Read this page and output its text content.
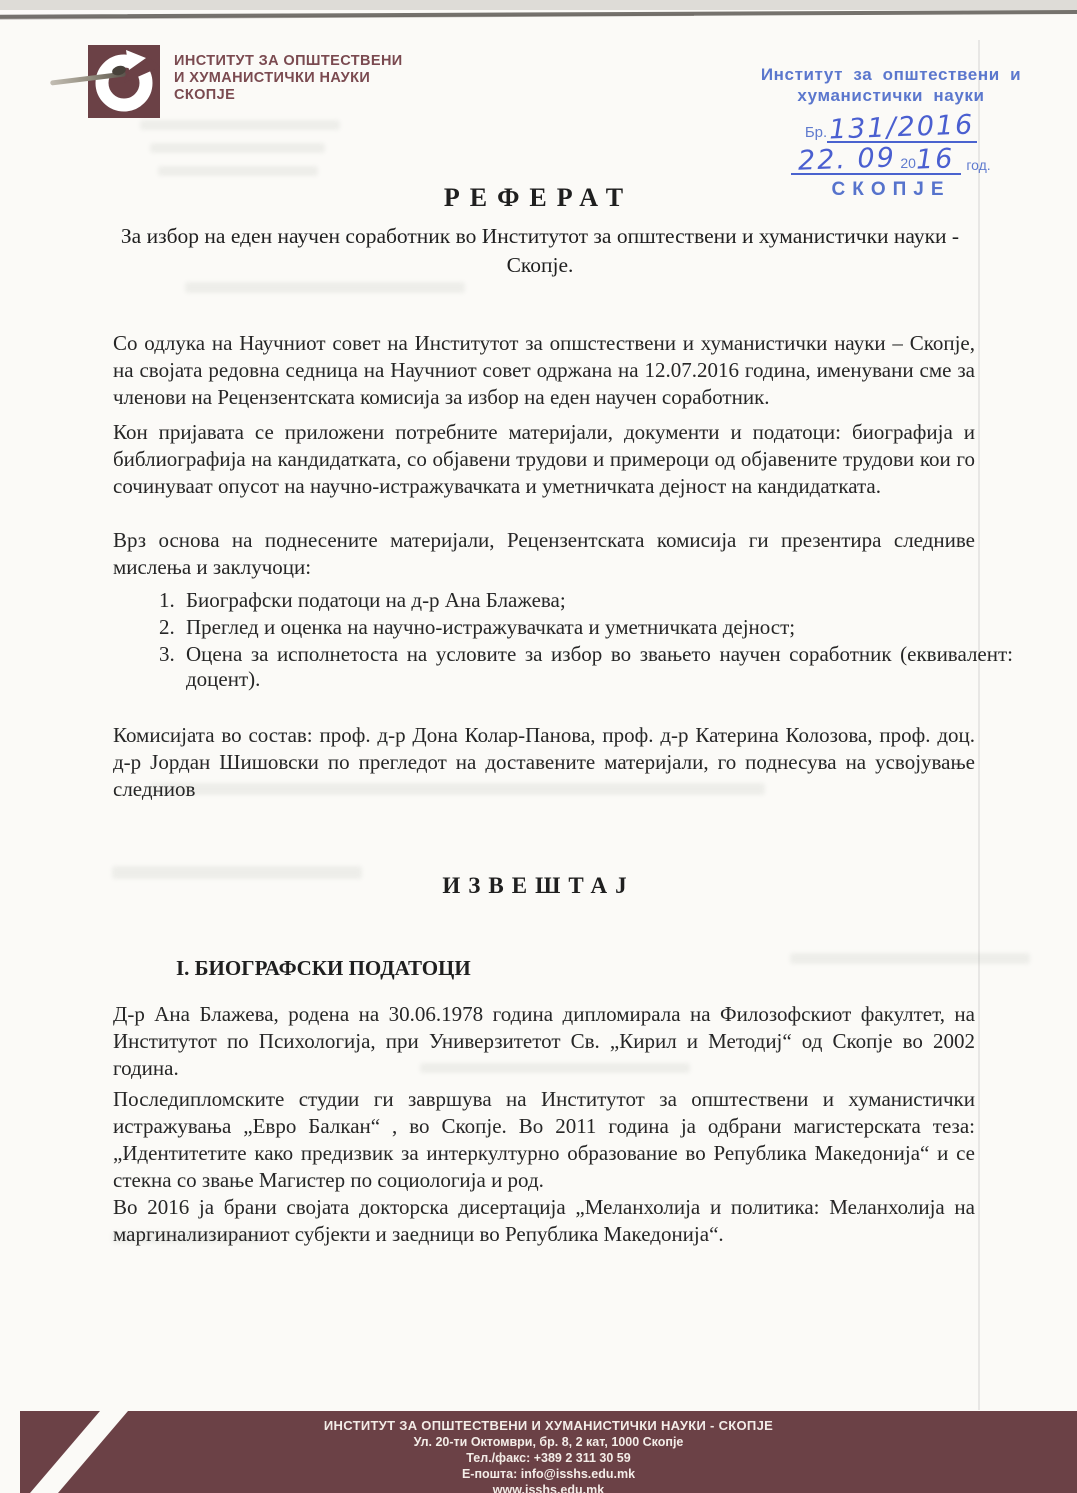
ИНСТИТУТ ЗА ОПШТЕСТВЕНИ
И ХУМАНИСТИЧКИ НАУКИ
СКОПЈЕ
Институт за општествени и
хуманистички науки
Бр. 131/2016
22. 09 2016 год.
СКОПЈЕ
РЕФЕРАТ
За избор на еден научен соработник во Институтот за општествени и хуманистички науки - Скопје.
Со одлука на Научниот совет на Институтот за опшстествени и хуманистички науки – Скопје, на својата редовна седница на Научниот совет одржана на 12.07.2016 година, именувани сме за членови на Рецензентската комисија за избор на еден научен соработник.
Кон пријавата се приложени потребните материјали, документи и податоци: биографија и библиографија на кандидатката, со објавени трудови и примероци од објавените трудови кои го сочинуваат опусот на научно-истражувачката и уметничката дејност на кандидатката.
Врз основа на поднесените материјали, Рецензентската комисија ги презентира следниве мислења и заклучоци:
1. Биографски податоци на д-р Ана Блажева;
2. Преглед и оценка на научно-истражувачката и уметничката дејност;
3. Оцена за исполнетоста на условите за избор во звањето научен соработник (еквивалент: доцент).
Комисијата во состав: проф. д-р Дона Колар-Панова, проф. д-р Катерина Колозова, проф. доц. д-р Јордан Шишовски по прегледот на доставените материјали, го поднесува на усвојување следниов
ИЗВЕШТАЈ
I. БИОГРАФСКИ ПОДАТОЦИ
Д-р Ана Блажева, родена на 30.06.1978 година дипломирала на Филозофскиот факултет, на Институтот по Психологија, при Универзитетот Св. „Кирил и Методиј“ од Скопје во 2002 година.
Последипломските студии ги завршува на Институтот за општествени и хуманистички истражувања „Евро Балкан“ , во Скопје. Во 2011 година ја одбрани магистерската теза: „Идентитетите како предизвик за интеркултурно образование во Република Македонија“ и се стекна со звање Магистер по социологија и род.
Во 2016 ја брани својата докторска дисертација „Меланхолија и политика: Меланхолија на маргинализираниот субјекти и заедници во Република Македонија“.
ИНСТИТУТ ЗА ОПШТЕСТВЕНИ И ХУМАНИСТИЧКИ НАУКИ - СКОПЈЕ
Ул. 20-ти Октомври, бр. 8, 2 кат, 1000 Скопје
Тел./факс: +389 2 311 30 59
Е-пошта: info@isshs.edu.mk
www.isshs.edu.mk
